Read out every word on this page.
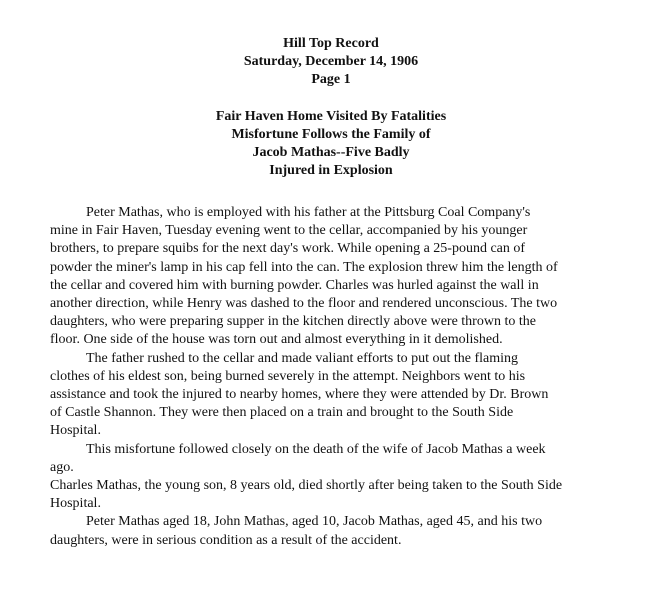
Hill Top Record
Saturday, December 14, 1906
Page 1
Fair Haven Home Visited By Fatalities
Misfortune Follows the Family of
Jacob Mathas--Five Badly
Injured in Explosion
Peter Mathas, who is employed with his father at the Pittsburg Coal Company's
mine in Fair Haven, Tuesday evening went to the cellar, accompanied by his younger
brothers, to prepare squibs for the next day's work. While opening a 25-pound can of
powder the miner's lamp in his cap fell into the can. The explosion threw him the length of
the cellar and covered him with burning powder. Charles was hurled against the wall in
another direction, while Henry was dashed to the floor and rendered unconscious. The two
daughters, who were preparing supper in the kitchen directly above were thrown to the
floor. One side of the house was torn out and almost everything in it demolished.
The father rushed to the cellar and made valiant efforts to put out the flaming
clothes of his eldest son, being burned severely in the attempt. Neighbors went to his
assistance and took the injured to nearby homes, where they were attended by Dr. Brown
of Castle Shannon. They were then placed on a train and brought to the South Side
Hospital.
This misfortune followed closely on the death of the wife of Jacob Mathas a week
ago.
Charles Mathas, the young son, 8 years old, died shortly after being taken to the South Side
Hospital.
Peter Mathas aged 18, John Mathas, aged 10, Jacob Mathas, aged 45, and his two
daughters, were in serious condition as a result of the accident.
